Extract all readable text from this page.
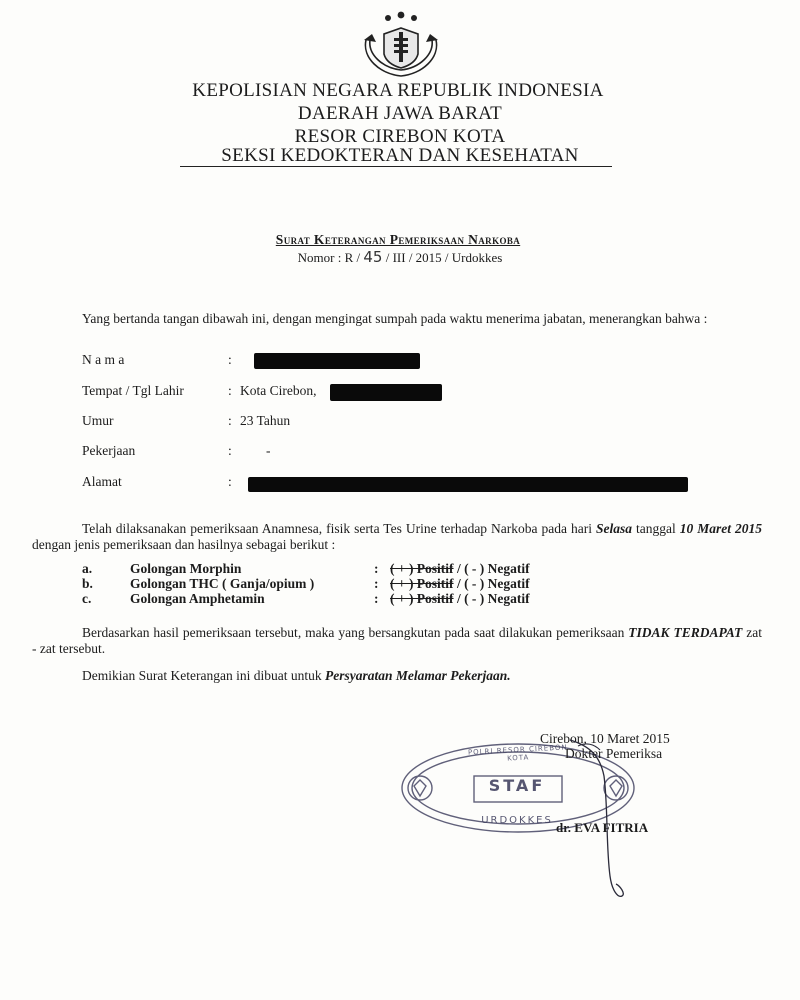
KEPOLISIAN NEGARA REPUBLIK INDONESIA
DAERAH JAWA BARAT
RESOR CIREBON KOTA
SEKSI KEDOKTERAN DAN KESEHATAN
Surat Keterangan Pemeriksaan Narkoba
Nomor : R / 45 / III / 2015 / Urdokkes
Yang bertanda tangan dibawah ini, dengan mengingat sumpah pada waktu menerima jabatan, menerangkan bahwa :
N a m a	:
Tempat / Tgl Lahir	: Kota Cirebon,
Umur	: 23 Tahun
Pekerjaan	:	-
Alamat	:
Telah dilaksanakan pemeriksaan Anamnesa, fisik serta Tes Urine terhadap Narkoba pada hari Selasa tanggal 10 Maret 2015 dengan jenis pemeriksaan dan hasilnya sebagai berikut :
a.	Golongan Morphin	: ( + ) Positif / ( - ) Negatif
b.	Golongan THC ( Ganja/opium )	: ( + ) Positif / ( - ) Negatif
c.	Golongan Amphetamin	: ( + ) Positif / ( - ) Negatif
Berdasarkan hasil pemeriksaan tersebut, maka yang bersangkutan pada saat dilakukan pemeriksaan TIDAK TERDAPAT zat - zat tersebut.
Demikian Surat Keterangan ini dibuat untuk Persyaratan Melamar Pekerjaan.
POLRI RESOR CIREBON KOTA
STAF
URDOKKES
Cirebon, 10 Maret 2015
Dokter Pemeriksa
dr. EVA FITRIA
